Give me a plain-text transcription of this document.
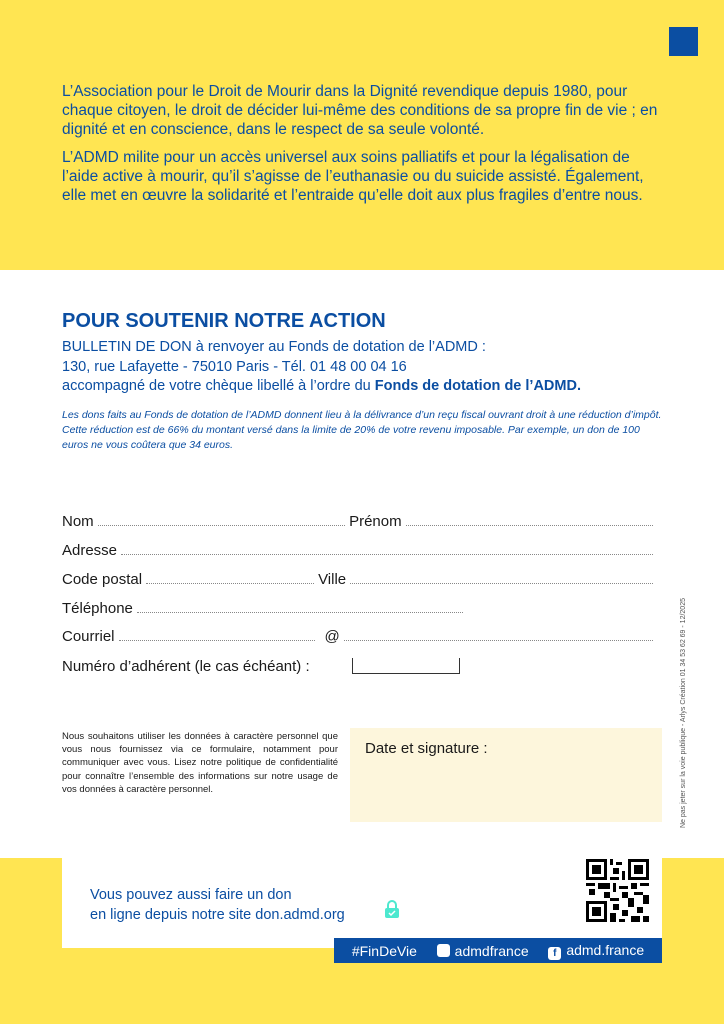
L’Association pour le Droit de Mourir dans la Dignité revendique depuis 1980, pour chaque citoyen, le droit de décider lui-même des conditions de sa propre fin de vie ; en dignité et en conscience, dans le respect de sa seule volonté.

L’ADMD milite pour un accès universel aux soins palliatifs et pour la légalisation de l’aide active à mourir, qu’il s’agisse de l’euthanasie ou du suicide assisté. Également, elle met en œuvre la solidarité et l’entraide qu’elle doit aux plus fragiles d’entre nous.

POUR SOUTENIR NOTRE ACTION
BULLETIN DE DON à renvoyer au Fonds de dotation de l’ADMD :
130, rue Lafayette - 75010 Paris - Tél. 01 48 00 04 16
accompagné de votre chèque libellé à l’ordre du Fonds de dotation de l’ADMD.

Les dons faits au Fonds de dotation de l’ADMD donnent lieu à la délivrance d’un reçu fiscal ouvrant droit à une réduction d’impôt. Cette réduction est de 66% du montant versé dans la limite de 20% de votre revenu imposable. Par exemple, un don de 100 euros ne vous coûtera que 34 euros.

Nom	Prénom
Adresse
Code postal	Ville
Téléphone
Courriel	@
Numéro d’adhérent (le cas échéant) :

Nous souhaitons utiliser les données à caractère personnel que vous nous fournissez via ce formulaire, notamment pour communiquer avec vous. Lisez notre politique de confidentialité pour connaître l’ensemble des informations sur notre usage de vos données à caractère personnel.

Date et signature :	Ne pas jeter sur la voie publique - Arlys Création 01 34 53 62 69 - 12/2025
Vous pouvez aussi faire un don
en ligne depuis notre site don.admd.org
#FinDeVie	admdfrance	f admd.france
